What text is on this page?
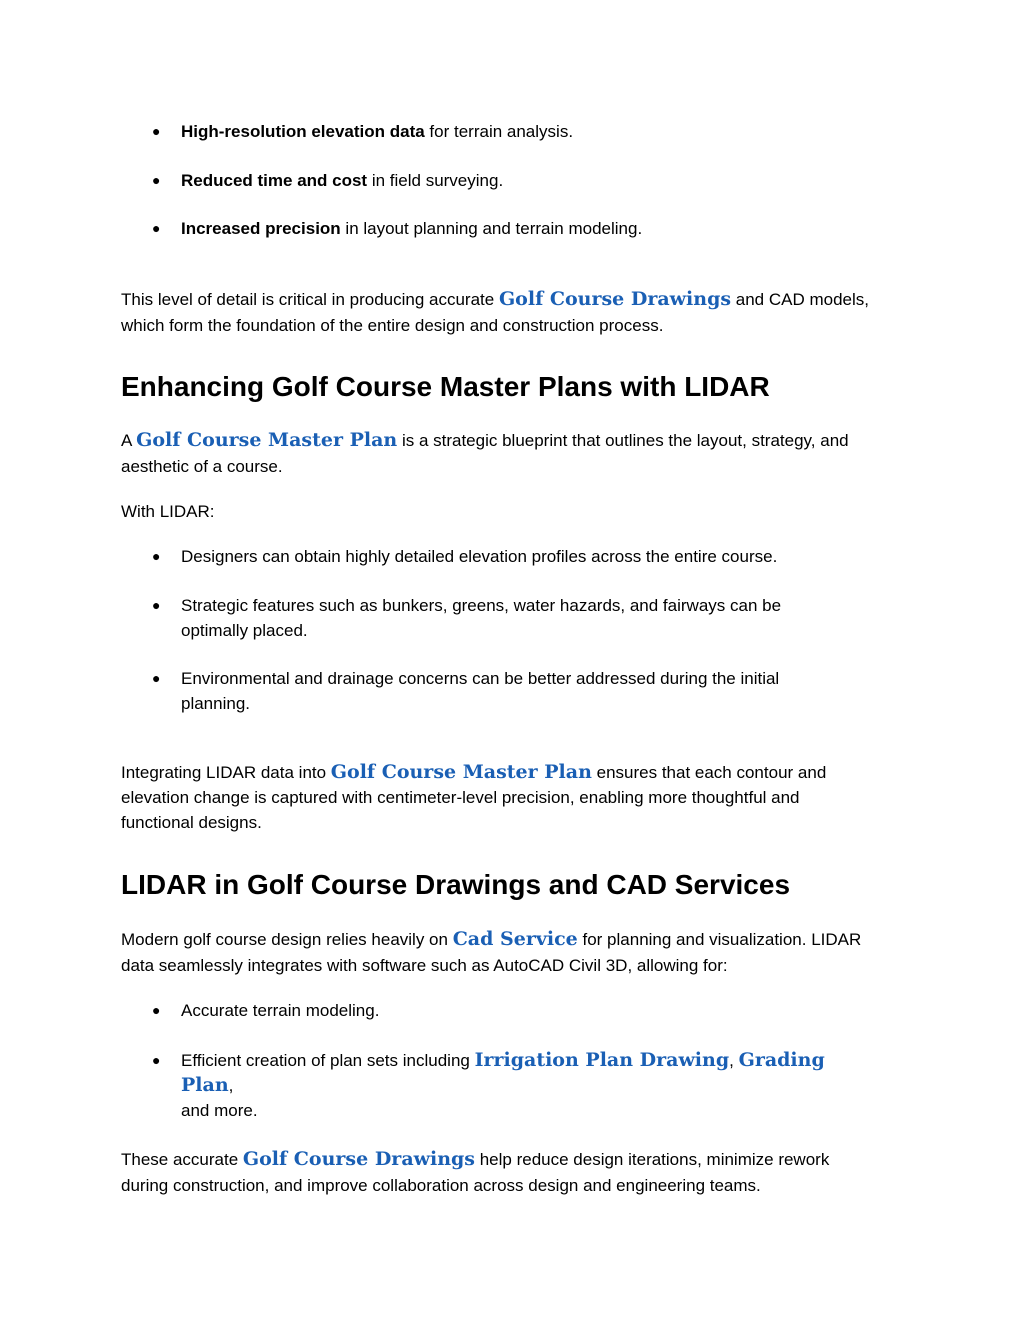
● High-resolution elevation data for terrain analysis.
● Reduced time and cost in field surveying.
● Increased precision in layout planning and terrain modeling.
This level of detail is critical in producing accurate Golf Course Drawings and CAD models,
which form the foundation of the entire design and construction process.
Enhancing Golf Course Master Plans with LIDAR
A Golf Course Master Plan is a strategic blueprint that outlines the layout, strategy, and
aesthetic of a course.
With LIDAR:
● Designers can obtain highly detailed elevation profiles across the entire course.
● Strategic features such as bunkers, greens, water hazards, and fairways can be
optimally placed.
● Environmental and drainage concerns can be better addressed during the initial
planning.
Integrating LIDAR data into Golf Course Master Plan ensures that each contour and
elevation change is captured with centimeter-level precision, enabling more thoughtful and
functional designs.
LIDAR in Golf Course Drawings and CAD Services
Modern golf course design relies heavily on Cad Service for planning and visualization. LIDAR
data seamlessly integrates with software such as AutoCAD Civil 3D, allowing for:
● Accurate terrain modeling.
● Efficient creation of plan sets including Irrigation Plan Drawing, Grading Plan,
and more.
These accurate Golf Course Drawings help reduce design iterations, minimize rework
during construction, and improve collaboration across design and engineering teams.
